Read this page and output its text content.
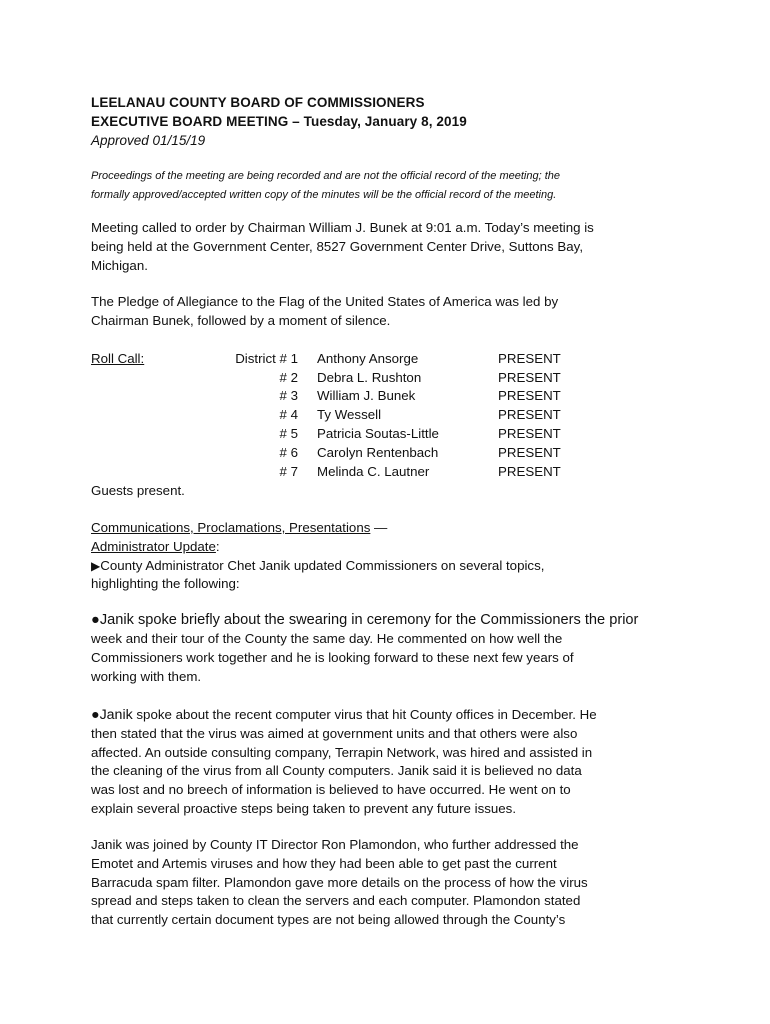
LEELANAU COUNTY BOARD OF COMMISSIONERS
EXECUTIVE BOARD MEETING – Tuesday, January 8, 2019
Approved 01/15/19
Proceedings of the meeting are being recorded and are not the official record of the meeting; the
formally approved/accepted written copy of the minutes will be the official record of the meeting.
Meeting called to order by Chairman William J. Bunek at 9:01 a.m. Today’s meeting is
being held at the Government Center, 8527 Government Center Drive, Suttons Bay,
Michigan.
The Pledge of Allegiance to the Flag of the United States of America was led by
Chairman Bunek, followed by a moment of silence.
Roll Call:	District # 1 Anthony Ansorge	PRESENT
# 2 Debra L. Rushton	PRESENT
# 3 William J. Bunek	PRESENT
# 4 Ty Wessell	PRESENT
# 5 Patricia Soutas-Little	PRESENT
# 6 Carolyn Rentenbach	PRESENT
# 7 Melinda C. Lautner	PRESENT
Guests present.
Communications, Proclamations, Presentations —
Administrator Update:
▶County Administrator Chet Janik updated Commissioners on several topics,
highlighting the following:
●Janik spoke briefly about the swearing in ceremony for the Commissioners the prior
week and their tour of the County the same day. He commented on how well the
Commissioners work together and he is looking forward to these next few years of
working with them.
●Janik spoke about the recent computer virus that hit County offices in December. He
then stated that the virus was aimed at government units and that others were also
affected. An outside consulting company, Terrapin Network, was hired and assisted in
the cleaning of the virus from all County computers. Janik said it is believed no data
was lost and no breech of information is believed to have occurred. He went on to
explain several proactive steps being taken to prevent any future issues.
Janik was joined by County IT Director Ron Plamondon, who further addressed the
Emotet and Artemis viruses and how they had been able to get past the current
Barracuda spam filter. Plamondon gave more details on the process of how the virus
spread and steps taken to clean the servers and each computer. Plamondon stated
that currently certain document types are not being allowed through the County’s
